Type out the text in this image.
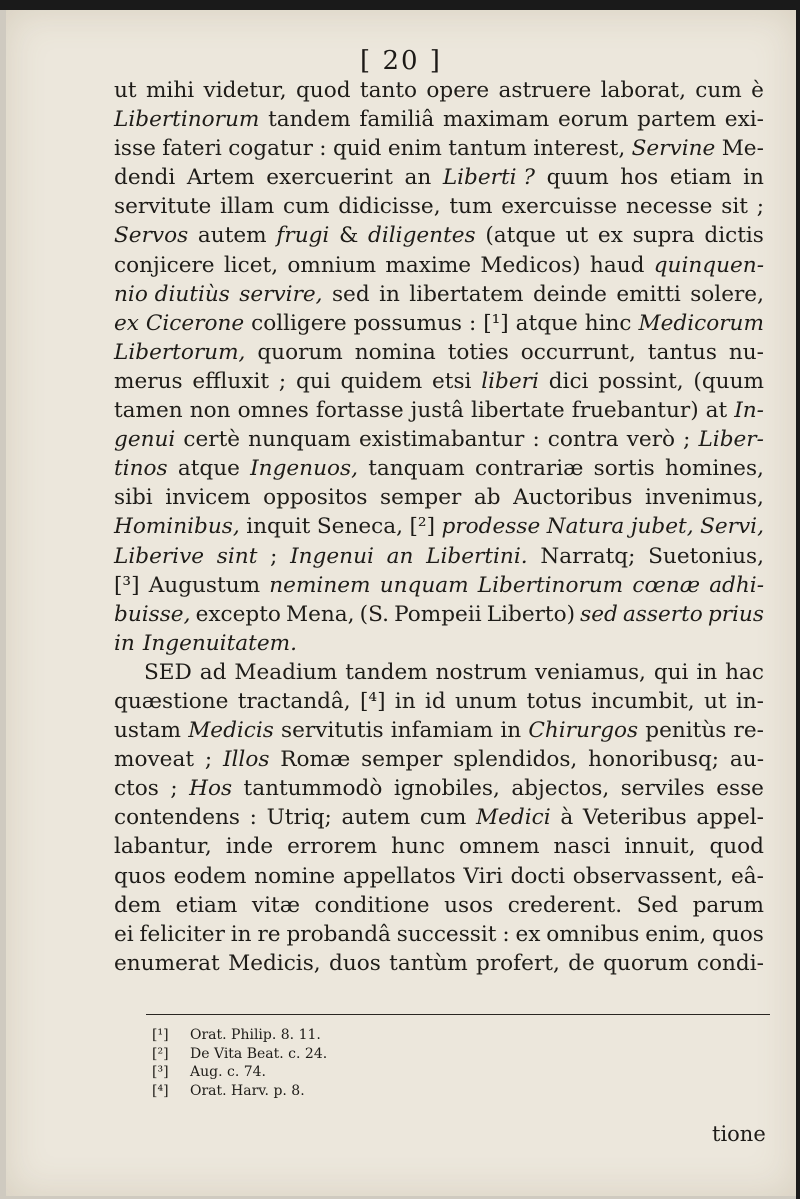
[ 20 ]
[¹] Orat. Philip. 8. 11.
[²] De Vita Beat. c. 24.
[³] Aug. c. 74.
[⁴] Orat. Harv. p. 8.
tione
ut mihi videtur, quod tanto opere astruere laborat, cum è
Libertinorum tandem familiâ maximam eorum partem exi-
isse fateri cogatur : quid enim tantum interest, Servine Me-
dendi Artem exercuerint an Liberti ? quum hos etiam in
servitute illam cum didicisse, tum exercuisse necesse sit ;
Servos autem frugi & diligentes (atque ut ex supra dictis
conjicere licet, omnium maxime Medicos) haud quinquen-
nio diutiùs servire, sed in libertatem deinde emitti solere,
ex Cicerone colligere possumus : [¹] atque hinc Medicorum
Libertorum, quorum nomina toties occurrunt, tantus nu-
merus effluxit ; qui quidem etsi liberi dici possint, (quum
tamen non omnes fortasse justâ libertate fruebantur) at In-
genui certè nunquam existimabantur : contra verò ; Liber-
tinos atque Ingenuos, tanquam contrariæ sortis homines,
sibi invicem oppositos semper ab Auctoribus invenimus,
Hominibus, inquit Seneca, [²] prodesse Natura jubet, Servi,
Liberive sint ; Ingenui an Libertini. Narratq; Suetonius,
[³] Augustum neminem unquam Libertinorum cœnæ adhi-
buisse, excepto Mena, (S. Pompeii Liberto) sed asserto prius
in Ingenuitatem.
SED ad Meadium tandem nostrum veniamus, qui in hac
quæstione tractandâ, [⁴] in id unum totus incumbit, ut in-
ustam Medicis servitutis infamiam in Chirurgos penitùs re-
moveat ; Illos Romæ semper splendidos, honoribusq; au-
ctos ; Hos tantummodò ignobiles, abjectos, serviles esse
contendens : Utriq; autem cum Medici à Veteribus appel-
labantur, inde errorem hunc omnem nasci innuit, quod
quos eodem nomine appellatos Viri docti observassent, eâ-
dem etiam vitæ conditione usos crederent. Sed parum
ei feliciter in re probandâ successit : ex omnibus enim, quos
enumerat Medicis, duos tantùm profert, de quorum condi-
